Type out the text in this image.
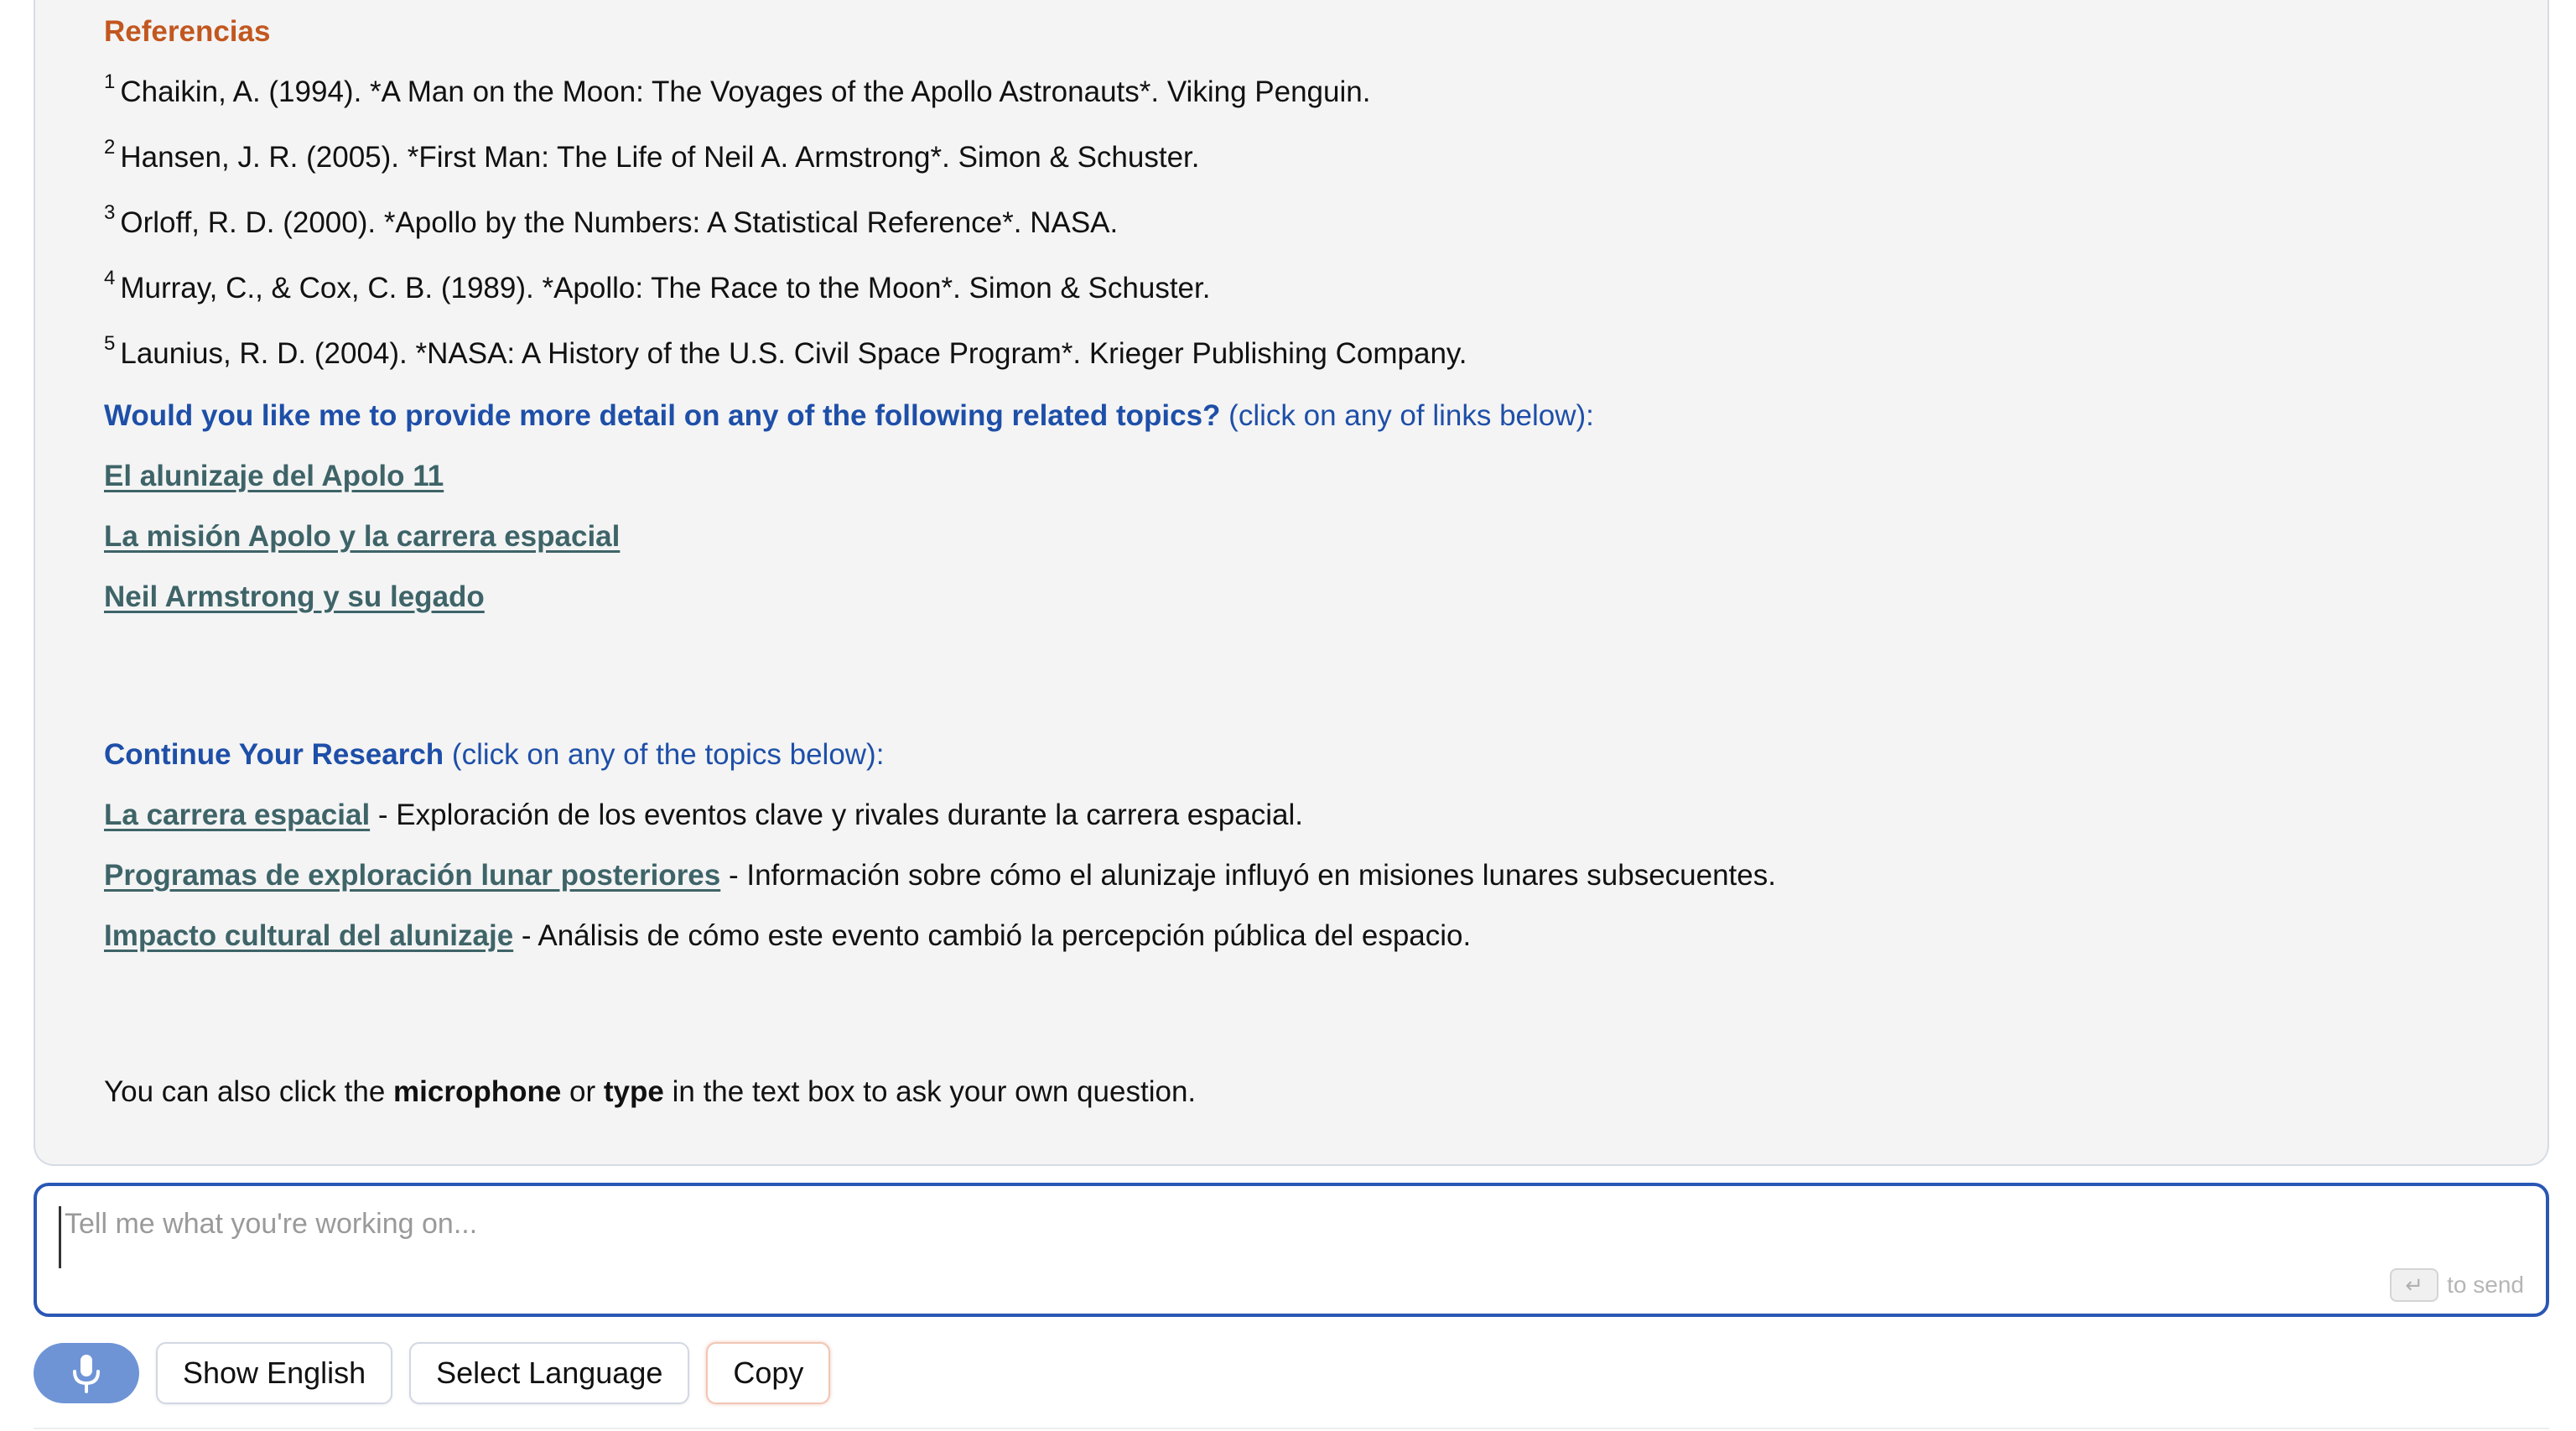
Referencias
$^1$ Chaikin, A. (1994). *A Man on the Moon: The Voyages of the Apollo Astronauts*. Viking Penguin.
$^2$ Hansen, J. R. (2005). *First Man: The Life of Neil A. Armstrong*. Simon & Schuster.
$^3$ Orloff, R. D. (2000). *Apollo by the Numbers: A Statistical Reference*. NASA.
$^4$ Murray, C., & Cox, C. B. (1989). *Apollo: The Race to the Moon*. Simon & Schuster.
$^5$ Launius, R. D. (2004). *NASA: A History of the U.S. Civil Space Program*. Krieger Publishing Company.
Would you like me to provide more detail on any of the following related topics? (click on any of links below):
El alunizaje del Apolo 11
La misión Apolo y la carrera espacial
Neil Armstrong y su legado
Continue Your Research (click on any of the topics below):
La carrera espacial - Exploración de los eventos clave y rivales durante la carrera espacial.
Programas de exploración lunar posteriores - Información sobre cómo el alunizaje influyó en misiones lunares subsecuentes.
Impacto cultural del alunizaje - Análisis de cómo este evento cambió la percepción pública del espacio.
You can also click the microphone or type in the text box to ask your own question.
Tell me what you're working on...
↵	to send
Show English	Select Language	Copy
